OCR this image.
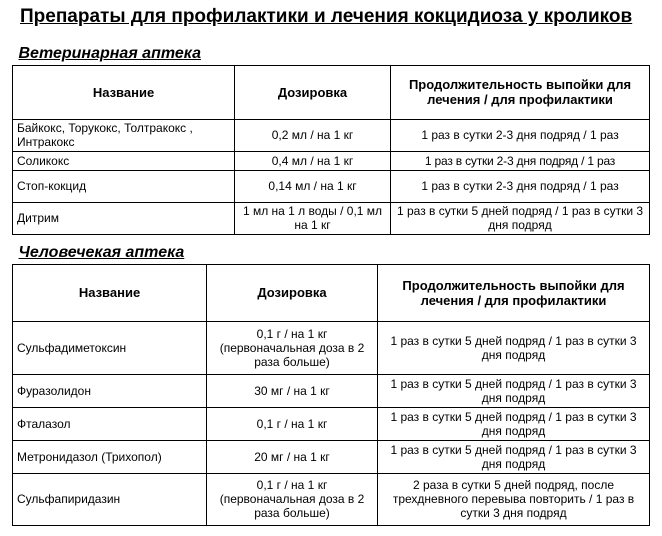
Препараты для профилактики и лечения кокцидиоза у кроликов
Ветеринарная аптека		
Название	Дозировка	Продолжительность выпойки для лечения / для профилактики
Байкокс, Торукокс, Толтракокс , Интракокс	0,2 мл / на 1 кг	1 раз в сутки 2-3 дня подряд / 1 раз
Соликокс	0,4 мл / на 1 кг	1 раз в сутки 2-3 дня подряд / 1 раз
Стоп-кокцид	0,14 мл / на 1 кг	1 раз в сутки 2-3 дня подряд / 1 раз
Дитрим	1 мл на 1 л воды / 0,1 мл на 1 кг	1 раз в сутки 5 дней подряд / 1 раз в сутки 3 дня подряд
Человечекая аптека		
Название	Дозировка	Продолжительность выпойки для лечения / для профилактики
Сульфадиметоксин	0,1 г / на 1 кг (первоначальная доза в 2 раза больше)	1 раз в сутки 5 дней подряд / 1 раз в сутки 3 дня подряд
Фуразолидон	30 мг / на 1 кг	1 раз в сутки 5 дней подряд / 1 раз в сутки 3 дня подряд
Фталазол	0,1 г / на 1 кг	1 раз в сутки 5 дней подряд / 1 раз в сутки 3 дня подряд
Метронидазол (Трихопол)	20 мг / на 1 кг	1 раз в сутки 5 дней подряд / 1 раз в сутки 3 дня подряд
Сульфапиридазин	0,1 г / на 1 кг (первоначальная доза в 2 раза больше)	2 раза в сутки 5 дней подряд, после трехдневного перевыва повторить / 1 раз в сутки 3 дня подряд
